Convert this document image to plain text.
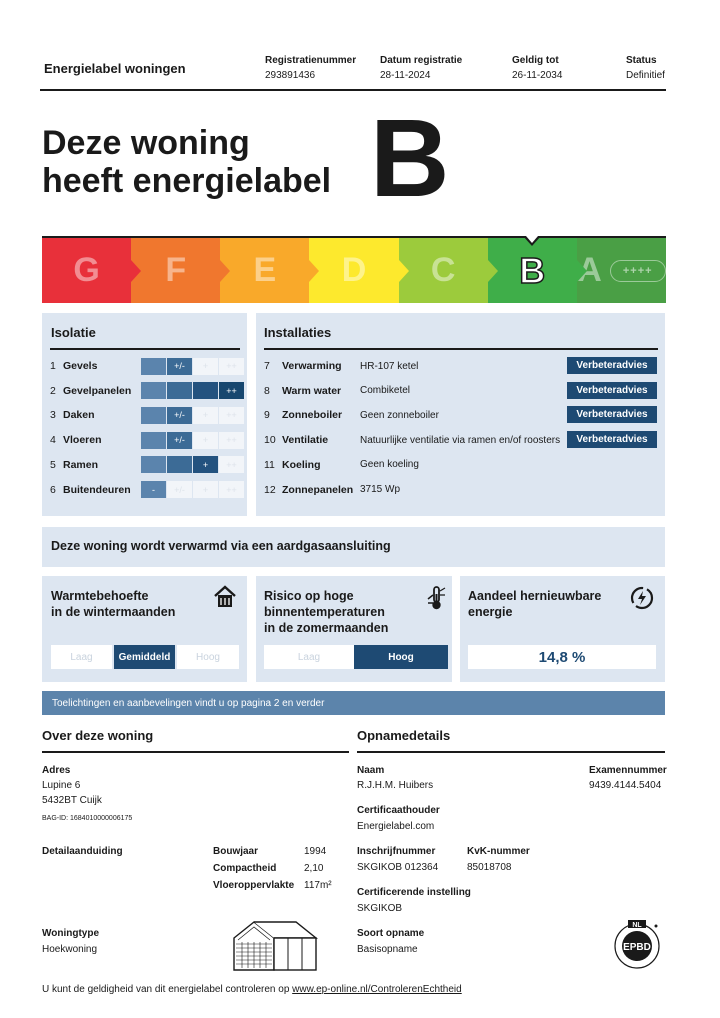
Energielabel woningen
Registratienummer
293891436
Datum registratie
28-11-2024
Geldig tot
26-11-2034
Status
Definitief
Deze woning
heeft energielabel B
G F E D C B A	++++
Isolatie
1 Gevels	+/-	+	++
2 Gevelpanelen	++
3 Daken	+/-	+	++
4 Vloeren	+/-	+	++
5 Ramen	+	++
6 Buitendeuren	-	+/-	+	++
Installaties
7	Verwarming	HR-107 ketel	Verbeteradvies
8	Warm water	Combiketel	Verbeteradvies
9	Zonneboiler	Geen zonneboiler	Verbeteradvies
10 Ventilatie	Natuurlijke ventilatie via ramen en/of roosters	Verbeteradvies
11 Koeling	Geen koeling
12 Zonnepanelen 3715 Wp
Deze woning wordt verwarmd via een aardgasaansluiting
Warmtebehoefte
in de wintermaanden
Laag	Gemiddeld	Hoog
Risico op hoge
binnentemperaturen
in de zomermaanden
Laag	Hoog
Aandeel hernieuwbare
energie
14,8 %
Toelichtingen en aanbevelingen vindt u op pagina 2 en verder
Over deze woning
Adres
Lupine 6
5432BT Cuijk
BAG-ID: 1684010000006175
Detailaanduiding	Bouwjaar	1994
Compactheid	2,10
Vloeroppervlakte 117m²
Woningtype
Hoekwoning
Opnamedetails
Naam
R.J.H.M. Huibers
Examennummer
9439.4144.5404
Certificaathouder
Energielabel.com
Inschrijfnummer
SKGIKOB 012364
KvK-nummer
85018708
Certificerende instelling
SKGIKOB
Soort opname
Basisopname	EPBD
NL
U kunt de geldigheid van dit energielabel controleren op www.ep-online.nl/ControlerenEchtheid
